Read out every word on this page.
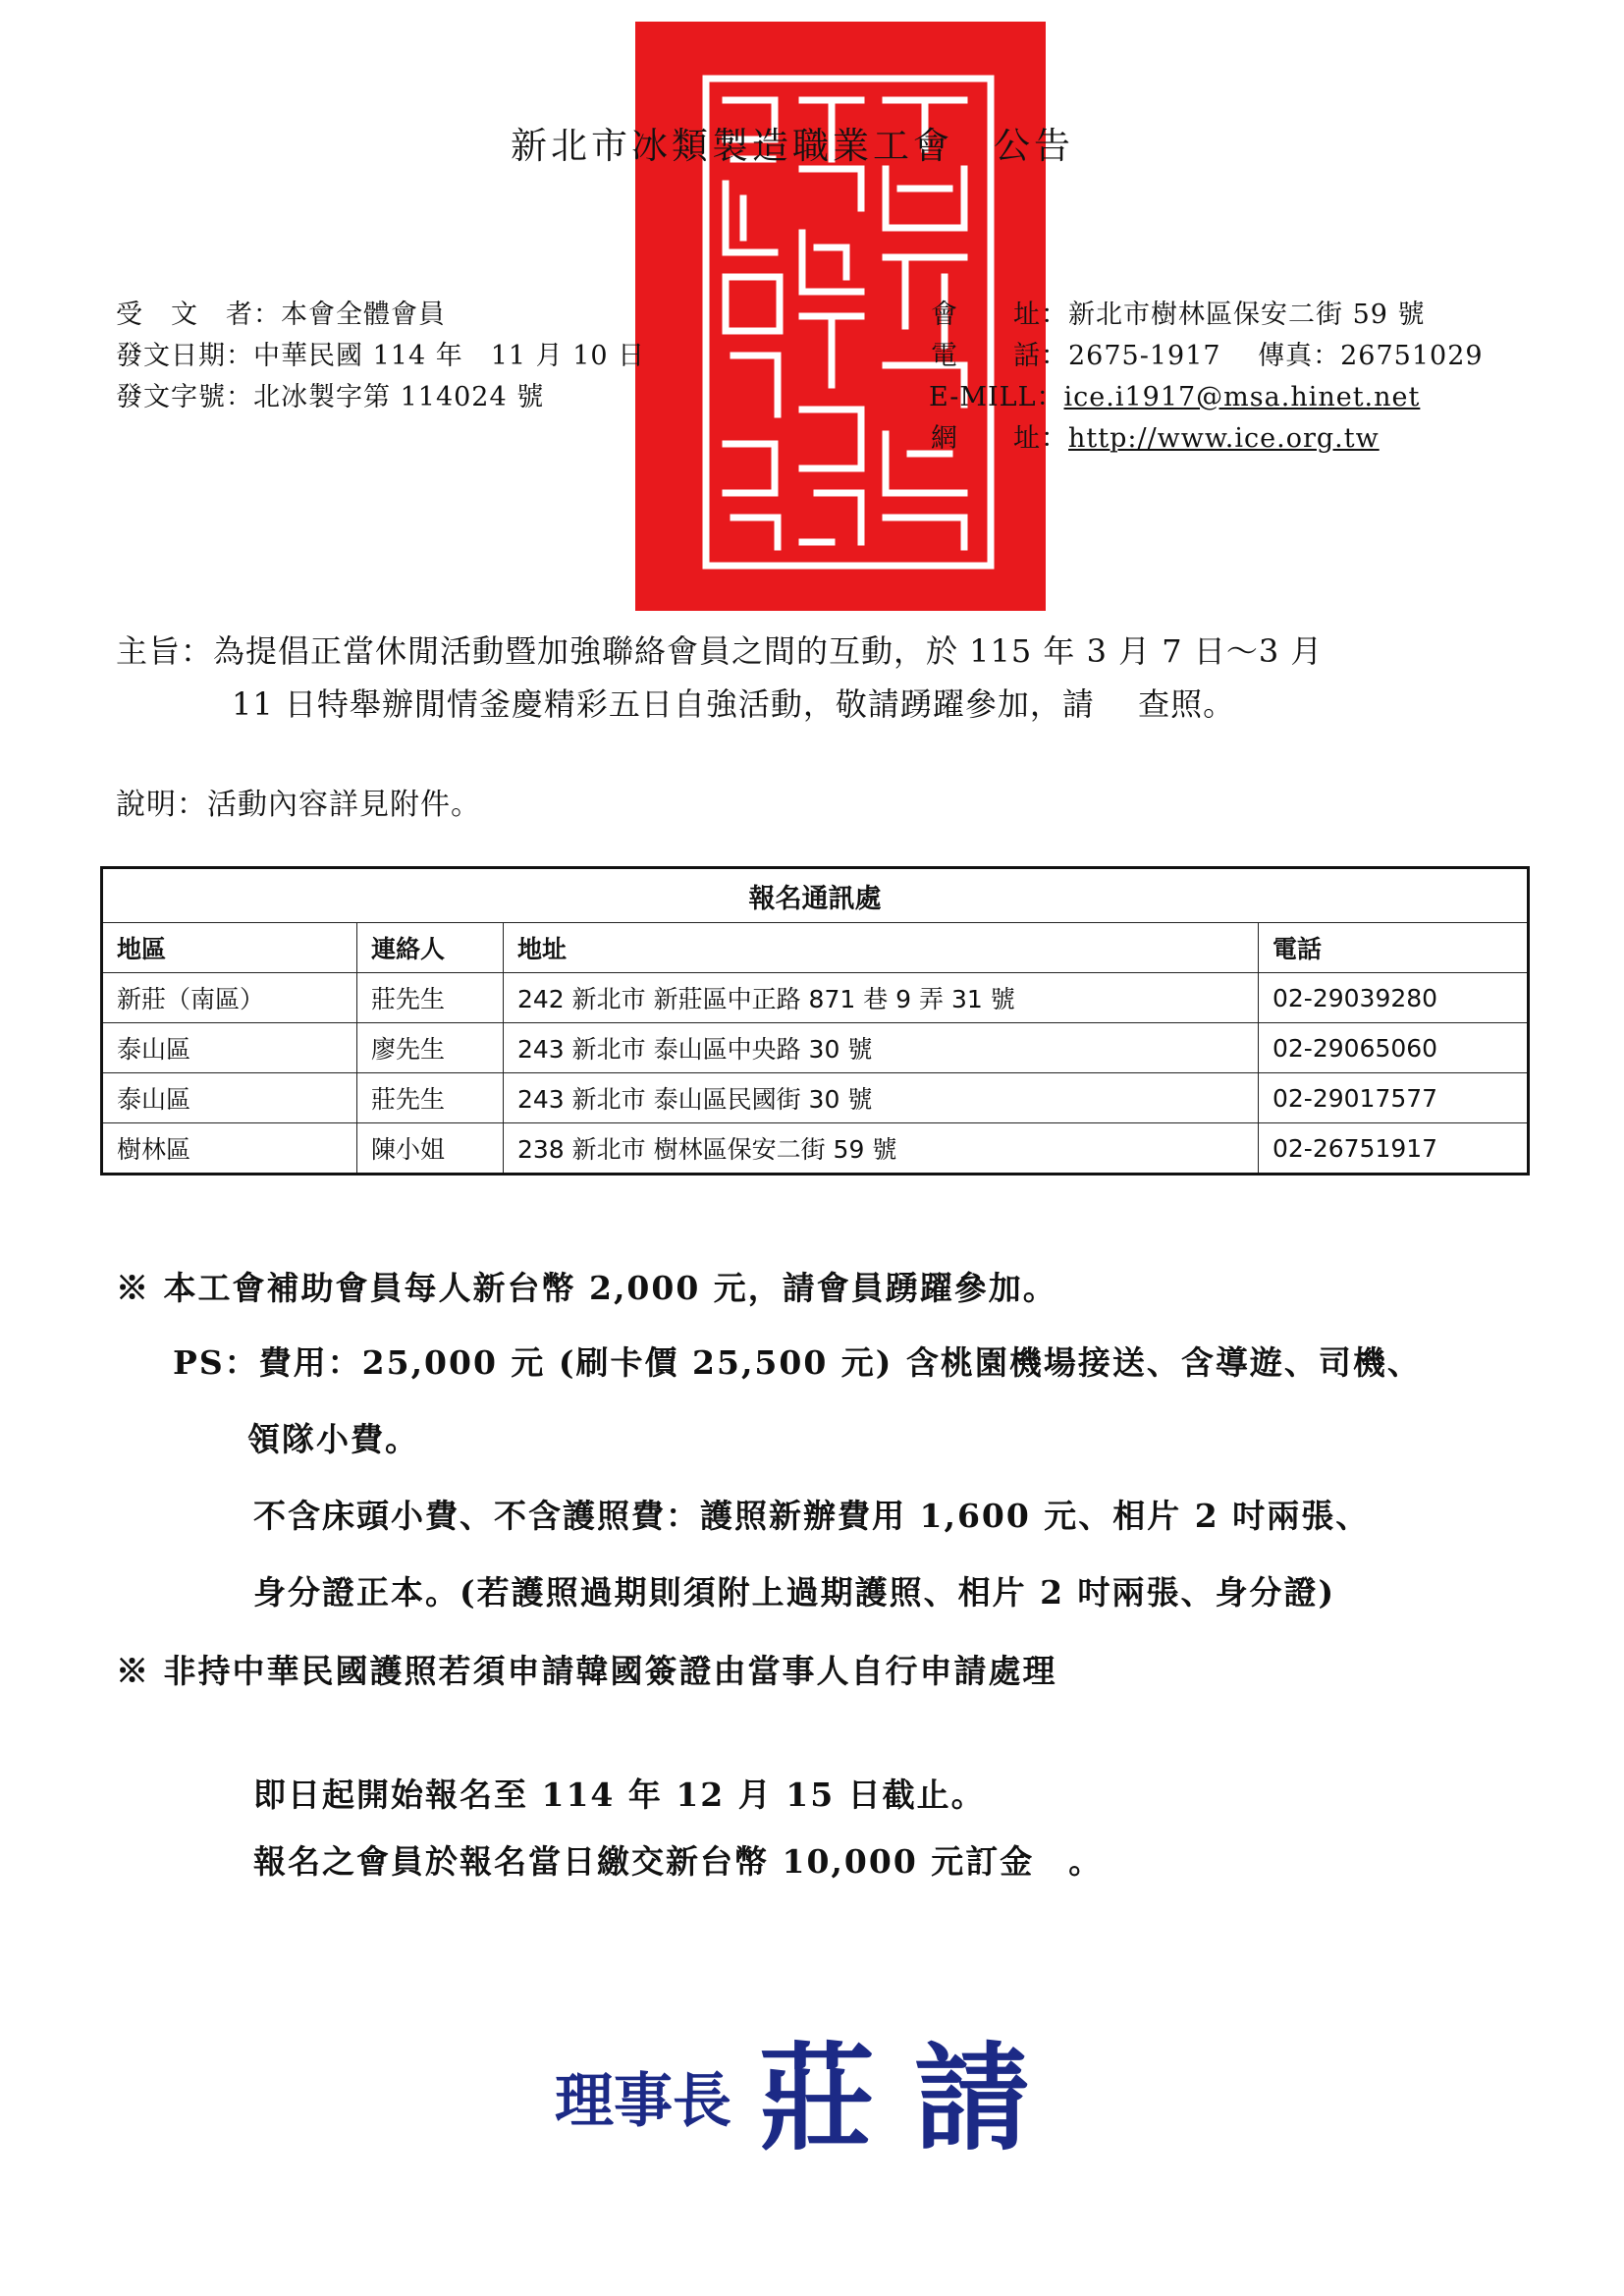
新北市冰類製造職業工會　公告
受　文　者：本會全體會員
發文日期：中華民國 114 年　11 月 10 日
發文字號：北冰製字第 114024 號
會　　址：新北市樹林區保安二街 59 號
電　　話：2675-1917　 傳真：26751029
E-MILL：ice.i1917@msa.hinet.net
網　　址：http://www.ice.org.tw
主旨：為提倡正當休閒活動暨加強聯絡會員之間的互動，於 115 年 3 月 7 日～3 月
11 日特舉辦閒情釜慶精彩五日自強活動，敬請踴躍參加，請　 查照。
說明：活動內容詳見附件。
報名通訊處			
地區	連絡人	地址	電話
新莊（南區）	莊先生	242 新北市 新莊區中正路 871 巷 9 弄 31 號	02-29039280
泰山區	廖先生	243 新北市 泰山區中央路 30 號	02-29065060
泰山區	莊先生	243 新北市 泰山區民國街 30 號	02-29017577
樹林區	陳小姐	238 新北市 樹林區保安二街 59 號	02-26751917
※ 本工會補助會員每人新台幣 2,000 元，請會員踴躍參加。
PS：費用：25,000 元 (刷卡價 25,500 元) 含桃園機場接送、含導遊、司機、
領隊小費。
不含床頭小費、不含護照費：護照新辦費用 1,600 元、相片 2 吋兩張、
身分證正本。(若護照過期則須附上過期護照、相片 2 吋兩張、身分證)
※ 非持中華民國護照若須申請韓國簽證由當事人自行申請處理
即日起開始報名至 114 年 12 月 15 日截止。
報名之會員於報名當日繳交新台幣 10,000 元訂金　。
理事長 莊請
